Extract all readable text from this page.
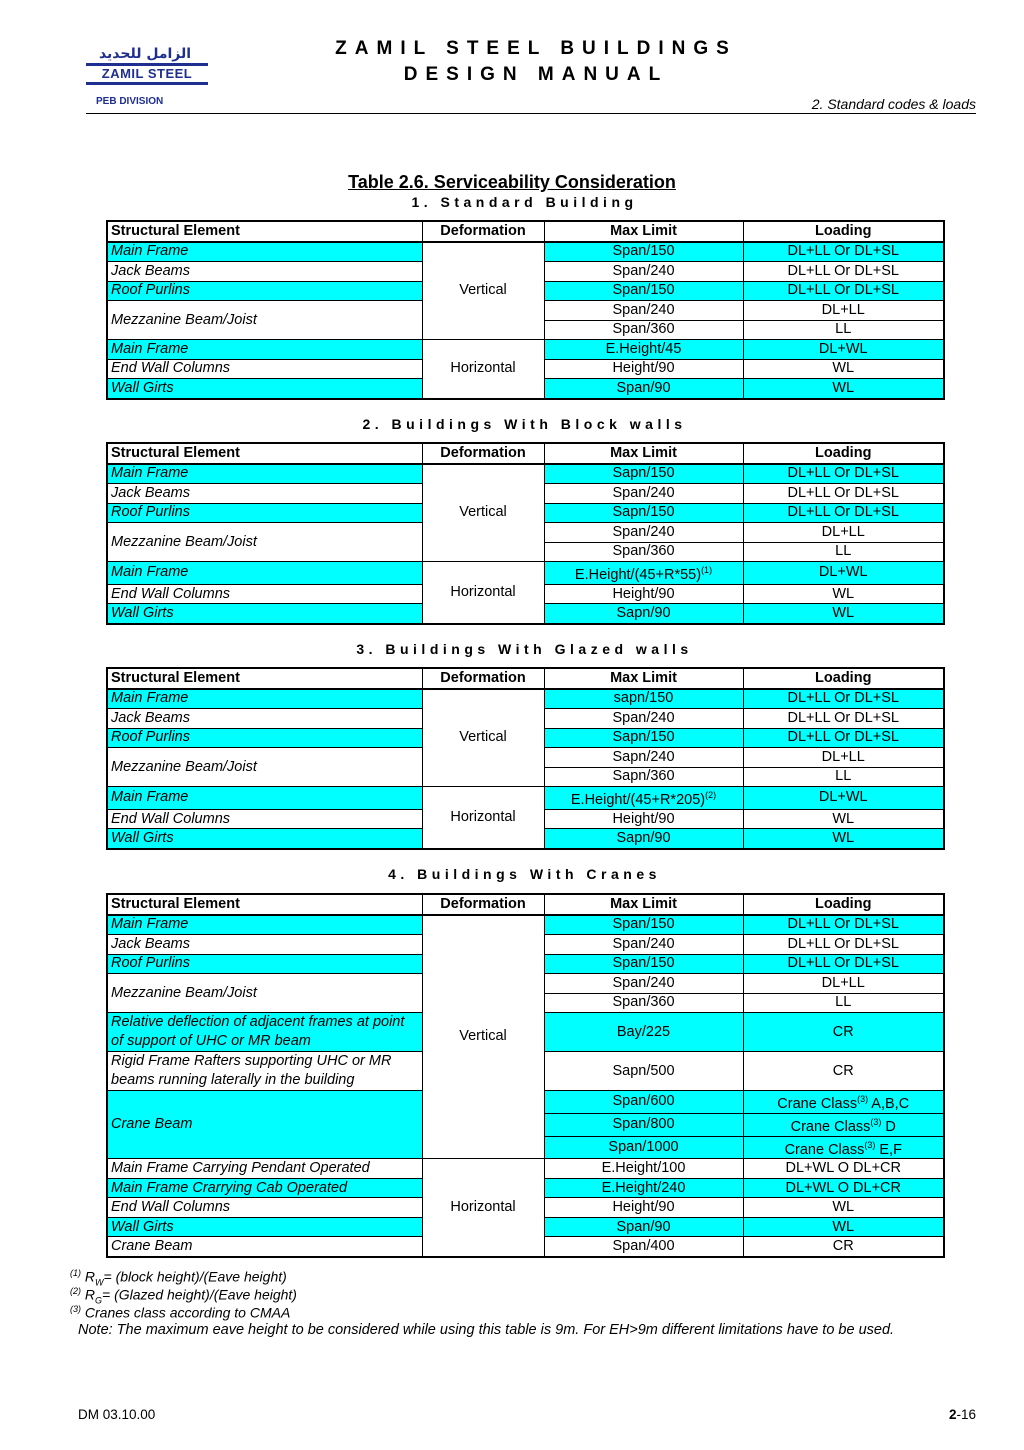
الزامل للحديد
ZAMIL STEEL
PEB DIVISION
ZAMIL STEEL BUILDINGS
DESIGN MANUAL
2. Standard codes & loads
Table 2.6. Serviceability Consideration
1. Standard Building
Structural Element	Deformation	Max Limit	Loading
Main Frame	Vertical	Span/150	DL+LL Or DL+SL
Jack Beams		Span/240	DL+LL Or DL+SL
Roof Purlins		Span/150	DL+LL Or DL+SL
Mezzanine Beam/Joist		Span/240	DL+LL
		Span/360	LL
Main Frame	Horizontal	E.Height/45	DL+WL
End Wall Columns		Height/90	WL
Wall Girts		Span/90	WL
2. Buildings With Block walls
Structural Element	Deformation	Max Limit	Loading
Main Frame	Vertical	Sapn/150	DL+LL Or DL+SL
Jack Beams		Span/240	DL+LL Or DL+SL
Roof Purlins		Sapn/150	DL+LL Or DL+SL
Mezzanine Beam/Joist		Span/240	DL+LL
		Span/360	LL
Main Frame	Horizontal	$E.Height/(45+R*55)^{(1)}$	DL+WL
End Wall Columns		Height/90	WL
Wall Girts		Sapn/90	WL
3. Buildings With Glazed walls
Structural Element	Deformation	Max Limit	Loading
Main Frame	Vertical	sapn/150	DL+LL Or DL+SL
Jack Beams		Span/240	DL+LL Or DL+SL
Roof Purlins		Sapn/150	DL+LL Or DL+SL
Mezzanine Beam/Joist		Sapn/240	DL+LL
		Sapn/360	LL
Main Frame	Horizontal	$E.Height/(45+R*205)^{(2)}$	DL+WL
End Wall Columns		Height/90	WL
Wall Girts		Sapn/90	WL
4. Buildings With Cranes
Structural Element	Deformation	Max Limit	Loading
Main Frame	Vertical	Span/150	DL+LL Or DL+SL
Jack Beams		Span/240	DL+LL Or DL+SL
Roof Purlins		Span/150	DL+LL Or DL+SL
Mezzanine Beam/Joist		Span/240	DL+LL
		Span/360	LL
Relative deflection of adjacent frames at point of support of UHC or MR beam		Bay/225	CR
Rigid Frame Rafters supporting UHC or MR beams running laterally in the building		Sapn/500	CR
Crane Beam		Span/600	Crane Class$^{(3)}$ A,B,C
		Span/800	Crane Class$^{(3)}$ D
		Span/1000	Crane Class$^{(3)}$ E,F
Main Frame Carrying Pendant Operated	Horizontal	E.Height/100	DL+WL O DL+CR
Main Frame Crarrying Cab Operated		E.Height/240	DL+WL O DL+CR
End Wall Columns		Height/90	WL
Wall Girts		Span/90	WL
Crane Beam		Span/400	CR
$^{(1)}$ $R_W=$ (block height)/(Eave height)
$^{(2)}$ $R_G=$ (Glazed height)/(Eave height)
$^{(3)}$ Cranes class according to CMAA
Note: The maximum eave height to be considered while using this table is 9m. For EH>9m different limitations have to be used.
DM 03.10.00	2-16
